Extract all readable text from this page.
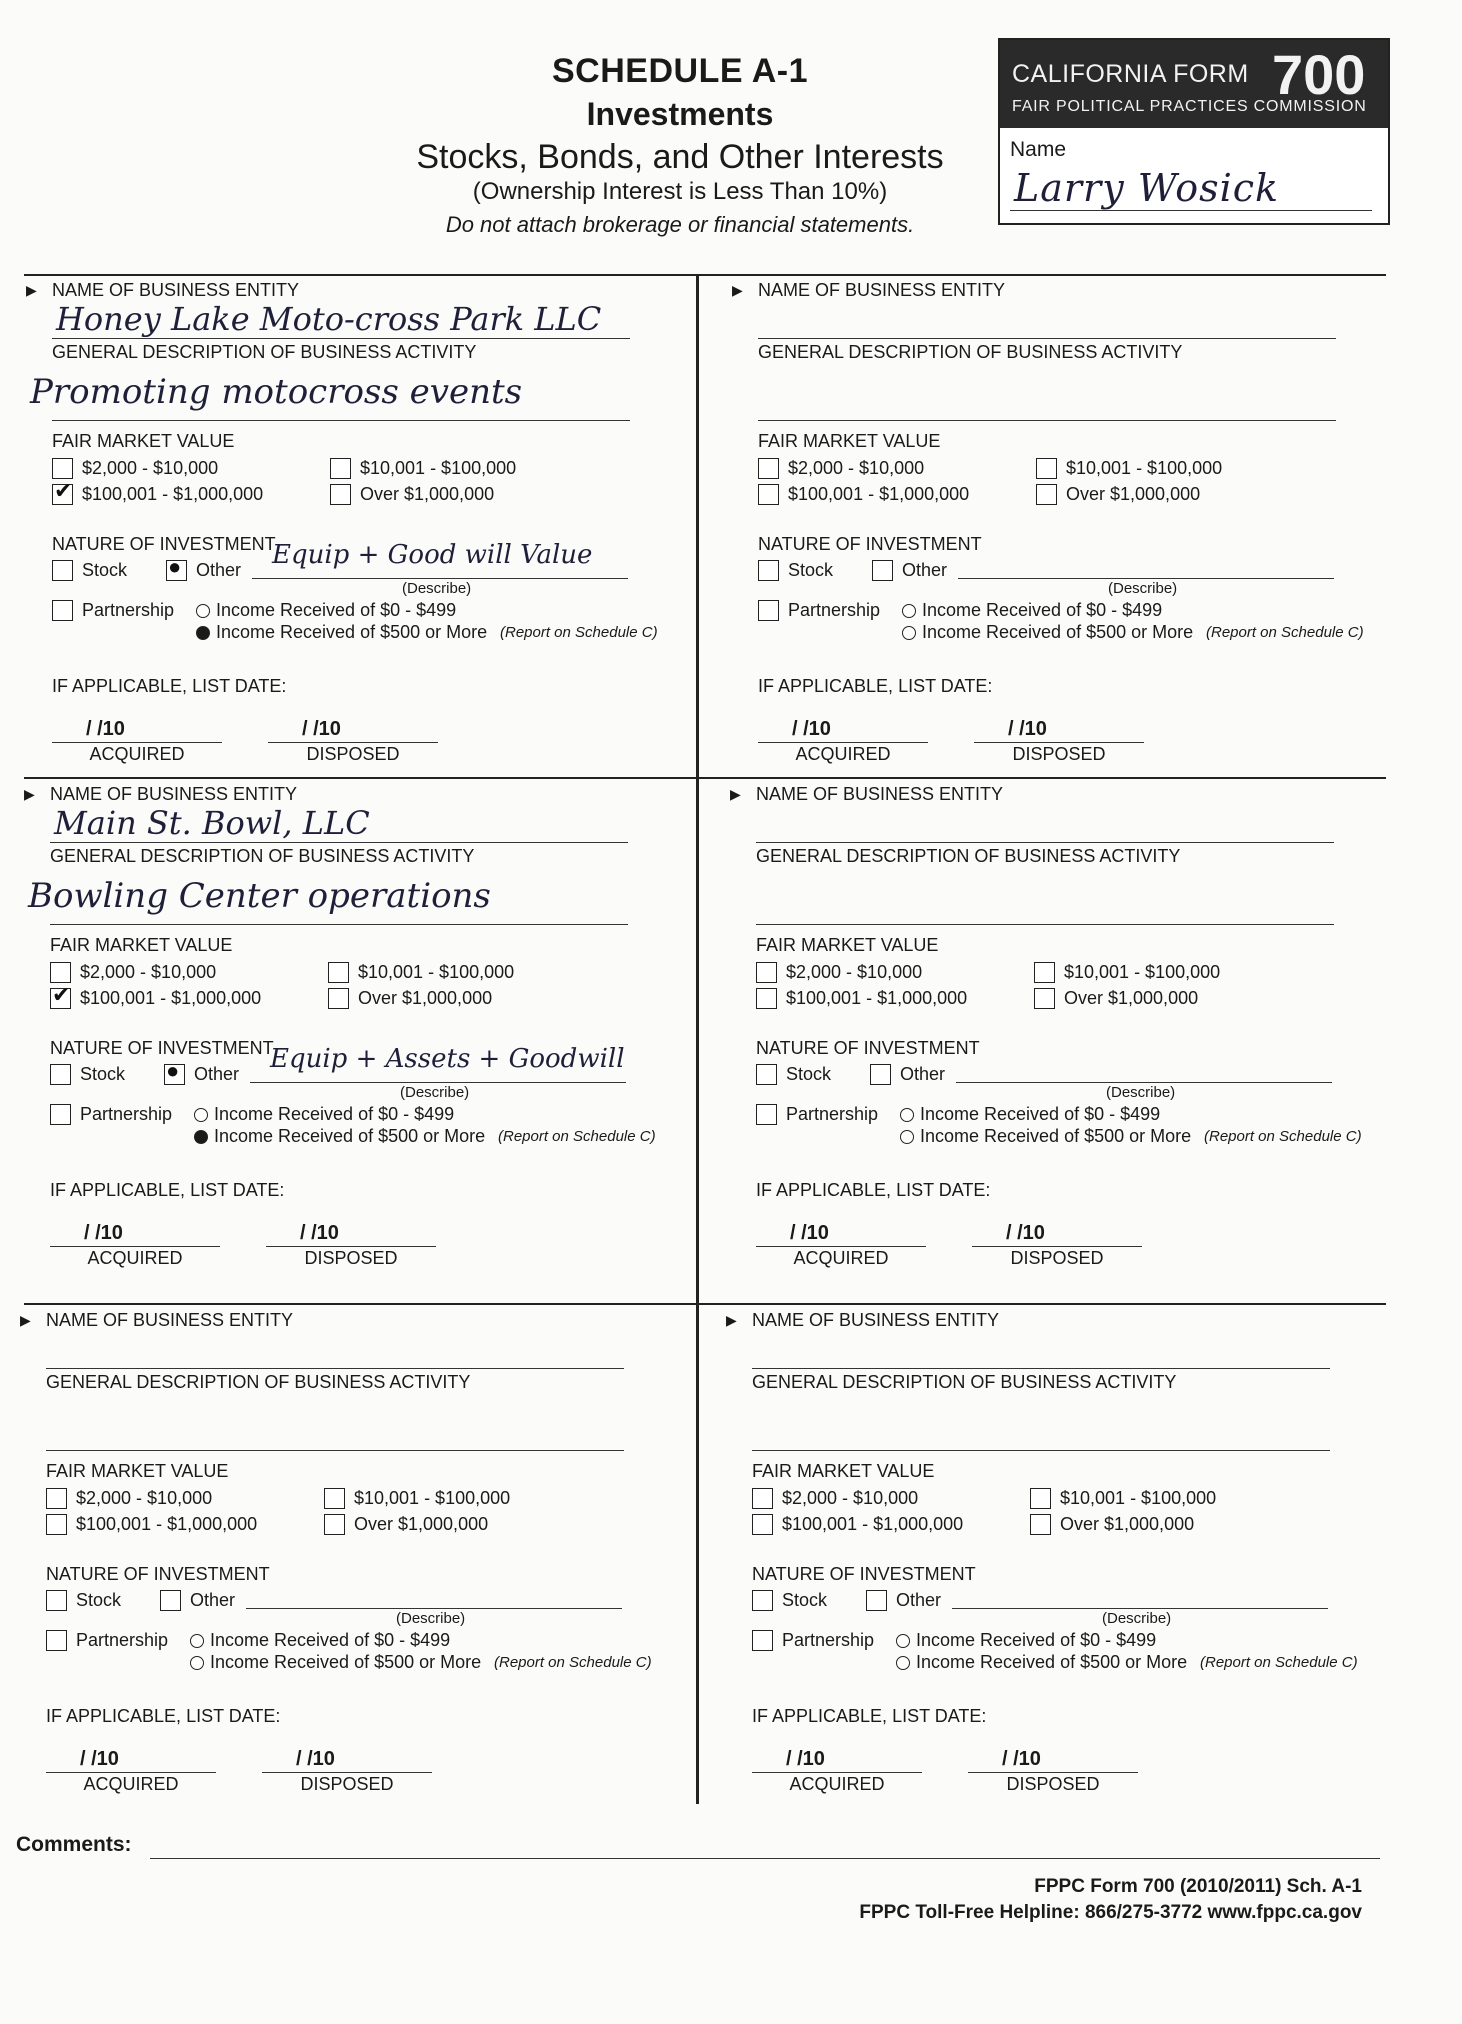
SCHEDULE A-1
Investments
Stocks, Bonds, and Other Interests
(Ownership Interest is Less Than 10%)
Do not attach brokerage or financial statements.
CALIFORNIA FORM 700
FAIR POLITICAL PRACTICES COMMISSION
Name
Larry Wosick
▶ NAME OF BUSINESS ENTITY
Honey Lake Moto-cross Park LLC
GENERAL DESCRIPTION OF BUSINESS ACTIVITY
Promoting motocross events
FAIR MARKET VALUE
$2,000 - $10,000	$10,001 - $100,000
✔ $100,001 - $1,000,000	Over $1,000,000
NATURE OF INVESTMENT
Stock ● Other Equip + Good will Value
(Describe)
Partnership Income Received of $0 - $499
Income Received of $500 or More (Report on Schedule C)
IF APPLICABLE, LIST DATE:
/ /10
ACQUIRED
/ /10
DISPOSED
▶ NAME OF BUSINESS ENTITY
GENERAL DESCRIPTION OF BUSINESS ACTIVITY
FAIR MARKET VALUE
$2,000 - $10,000	$10,001 - $100,000
$100,001 - $1,000,000	Over $1,000,000
NATURE OF INVESTMENT
Stock	Other
(Describe)
Partnership Income Received of $0 - $499
Income Received of $500 or More (Report on Schedule C)
IF APPLICABLE, LIST DATE:
/ /10
ACQUIRED
/ /10
DISPOSED
▶ NAME OF BUSINESS ENTITY
Main St. Bowl, LLC
GENERAL DESCRIPTION OF BUSINESS ACTIVITY
Bowling Center operations
FAIR MARKET VALUE
$2,000 - $10,000	$10,001 - $100,000
✔ $100,001 - $1,000,000	Over $1,000,000
NATURE OF INVESTMENT
Stock ● Other Equip + Assets + Goodwill
(Describe)
Partnership Income Received of $0 - $499
Income Received of $500 or More (Report on Schedule C)
IF APPLICABLE, LIST DATE:
/ /10
ACQUIRED
/ /10
DISPOSED
▶ NAME OF BUSINESS ENTITY
GENERAL DESCRIPTION OF BUSINESS ACTIVITY
FAIR MARKET VALUE
$2,000 - $10,000	$10,001 - $100,000
$100,001 - $1,000,000	Over $1,000,000
NATURE OF INVESTMENT
Stock	Other
(Describe)
Partnership Income Received of $0 - $499
Income Received of $500 or More (Report on Schedule C)
IF APPLICABLE, LIST DATE:
/ /10
ACQUIRED
/ /10
DISPOSED
▶ NAME OF BUSINESS ENTITY
GENERAL DESCRIPTION OF BUSINESS ACTIVITY
FAIR MARKET VALUE
$2,000 - $10,000	$10,001 - $100,000
$100,001 - $1,000,000	Over $1,000,000
NATURE OF INVESTMENT
Stock	Other
(Describe)
Partnership Income Received of $0 - $499
Income Received of $500 or More (Report on Schedule C)
IF APPLICABLE, LIST DATE:
/ /10
ACQUIRED
/ /10
DISPOSED
▶ NAME OF BUSINESS ENTITY
GENERAL DESCRIPTION OF BUSINESS ACTIVITY
FAIR MARKET VALUE
$2,000 - $10,000	$10,001 - $100,000
$100,001 - $1,000,000	Over $1,000,000
NATURE OF INVESTMENT
Stock	Other
(Describe)
Partnership Income Received of $0 - $499
Income Received of $500 or More (Report on Schedule C)
IF APPLICABLE, LIST DATE:
/ /10
ACQUIRED
/ /10
DISPOSED
Comments:
FPPC Form 700 (2010/2011) Sch. A-1
FPPC Toll-Free Helpline: 866/275-3772 www.fppc.ca.gov
